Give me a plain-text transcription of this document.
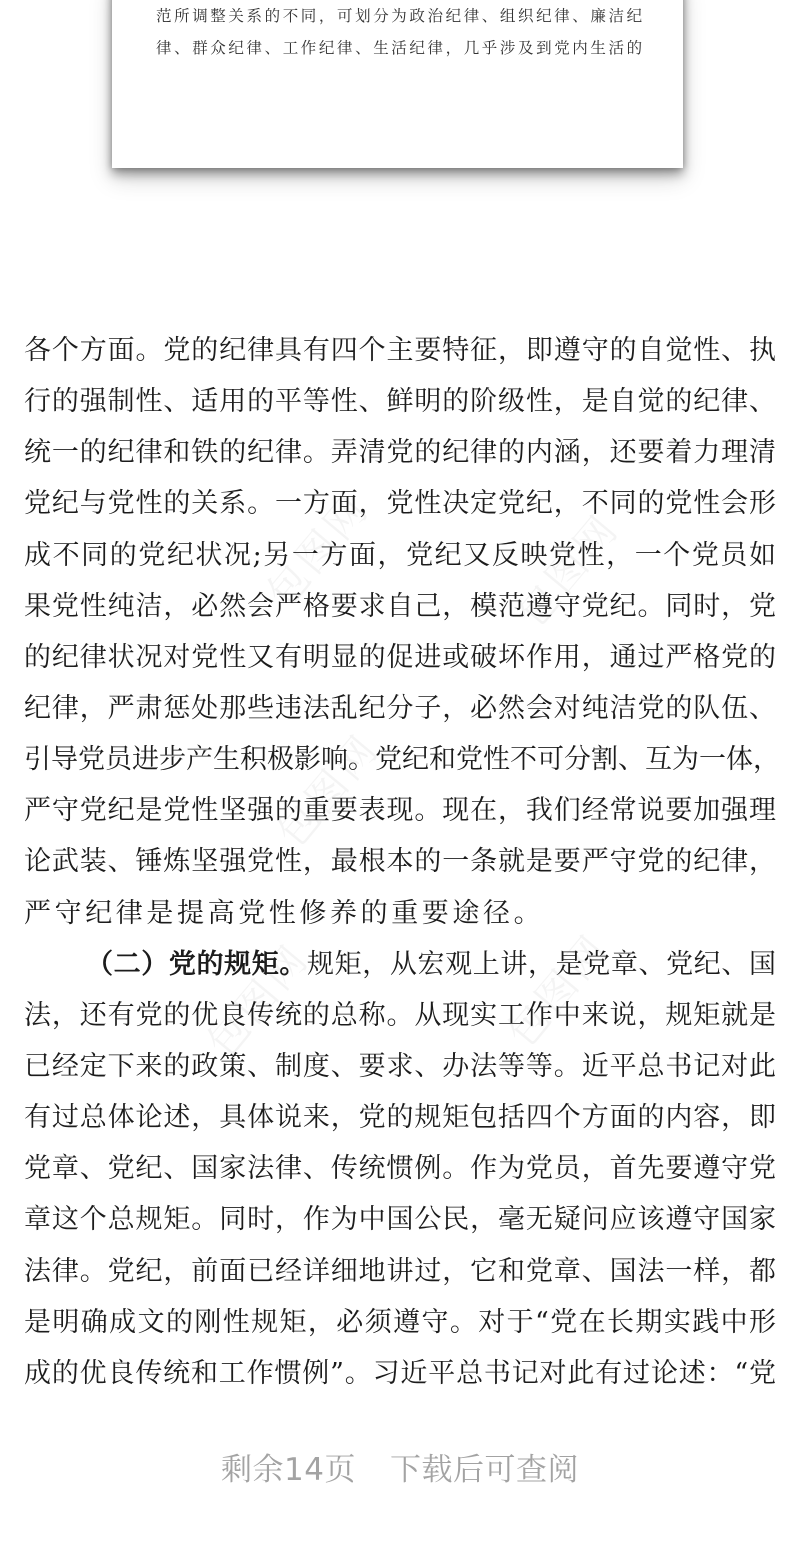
范所调整关系的不同，可划分为政治纪律、组织纪律、廉洁纪
律、群众纪律、工作纪律、生活纪律，几乎涉及到党内生活的
各个方面。党的纪律具有四个主要特征，即遵守的自觉性、执
行的强制性、适用的平等性、鲜明的阶级性，是自觉的纪律、
统一的纪律和铁的纪律。弄清党的纪律的内涵，还要着力理清
党纪与党性的关系。一方面，党性决定党纪，不同的党性会形
成不同的党纪状况;另一方面，党纪又反映党性，一个党员如
果党性纯洁，必然会严格要求自己，模范遵守党纪。同时，党
的纪律状况对党性又有明显的促进或破坏作用，通过严格党的
纪律，严肃惩处那些违法乱纪分子，必然会对纯洁党的队伍、
引导党员进步产生积极影响。党纪和党性不可分割、互为一体，
严守党纪是党性坚强的重要表现。现在，我们经常说要加强理
论武装、锤炼坚强党性，最根本的一条就是要严守党的纪律，
严守纪律是提高党性修养的重要途径。
（二）党的规矩。规矩，从宏观上讲，是党章、党纪、国
法，还有党的优良传统的总称。从现实工作中来说，规矩就是
已经定下来的政策、制度、要求、办法等等。近平总书记对此
有过总体论述，具体说来，党的规矩包括四个方面的内容，即
党章、党纪、国家法律、传统惯例。作为党员，首先要遵守党
章这个总规矩。同时，作为中国公民，毫无疑问应该遵守国家
法律。党纪，前面已经详细地讲过，它和党章、国法一样，都
是明确成文的刚性规矩，必须遵守。对于“党在长期实践中形
成的优良传统和工作惯例”。习近平总书记对此有过论述：“党
剩余14页 下载后可查阅
